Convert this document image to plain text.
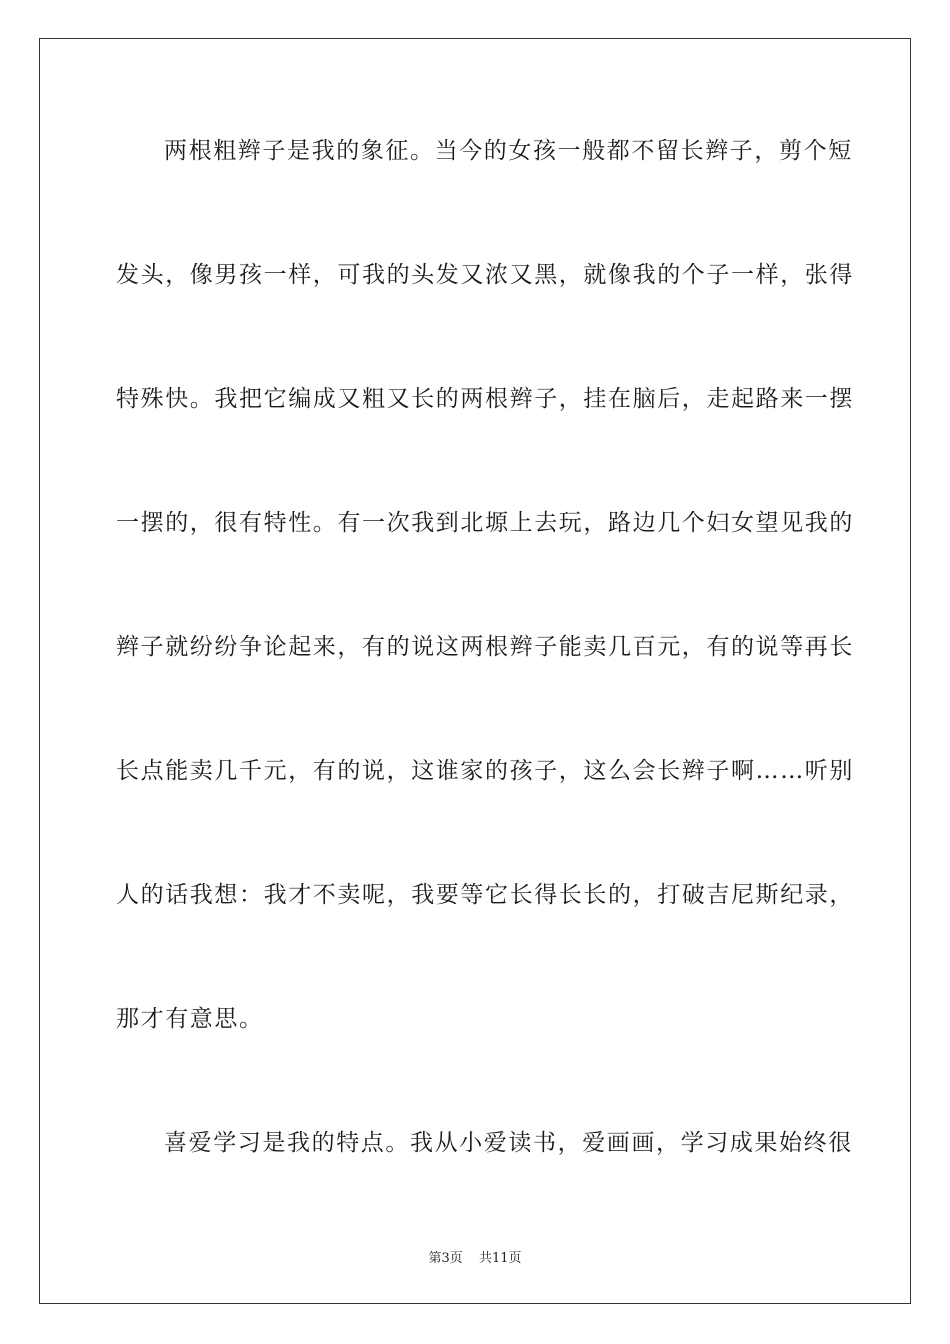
两根粗辫子是我的象征。当今的女孩一般都不留长辫子，剪个短
发头，像男孩一样，可我的头发又浓又黑，就像我的个子一样，张得
特殊快。我把它编成又粗又长的两根辫子，挂在脑后，走起路来一摆
一摆的，很有特性。有一次我到北塬上去玩，路边几个妇女望见我的
辫子就纷纷争论起来，有的说这两根辫子能卖几百元，有的说等再长
长点能卖几千元，有的说，这谁家的孩子，这么会长辫子啊……听别
人的话我想：我才不卖呢，我要等它长得长长的，打破吉尼斯纪录，
那才有意思。
喜爱学习是我的特点。我从小爱读书，爱画画，学习成果始终很
第3页 共11页
